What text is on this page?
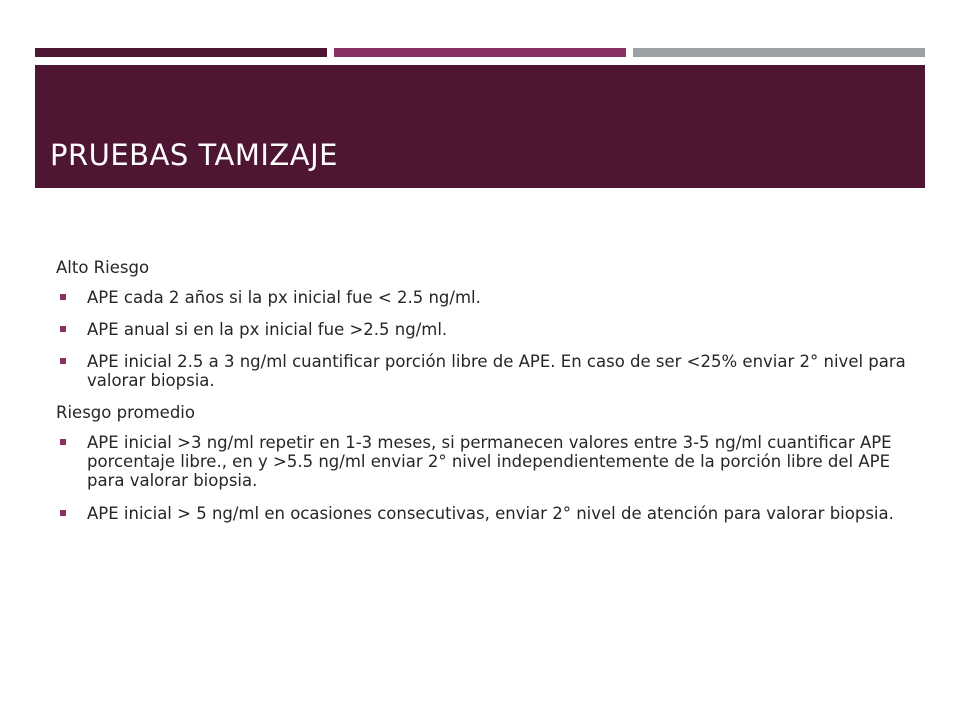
PRUEBAS TAMIZAJE

Alto Riesgo

APE cada 2 años si la px inicial fue < 2.5 ng/ml.
APE anual si en la px inicial fue >2.5 ng/ml.
APE inicial 2.5 a 3 ng/ml cuantificar porción libre de APE. En caso de ser <25% enviar 2° nivel para valorar biopsia.

Riesgo promedio

APE inicial >3 ng/ml repetir en 1-3 meses, si permanecen valores entre 3-5 ng/ml cuantificar APE porcentaje libre., en y >5.5 ng/ml enviar 2° nivel independientemente de la porción libre del APE para valorar biopsia.
APE inicial > 5 ng/ml en ocasiones consecutivas, enviar 2° nivel de atención para valorar biopsia.
